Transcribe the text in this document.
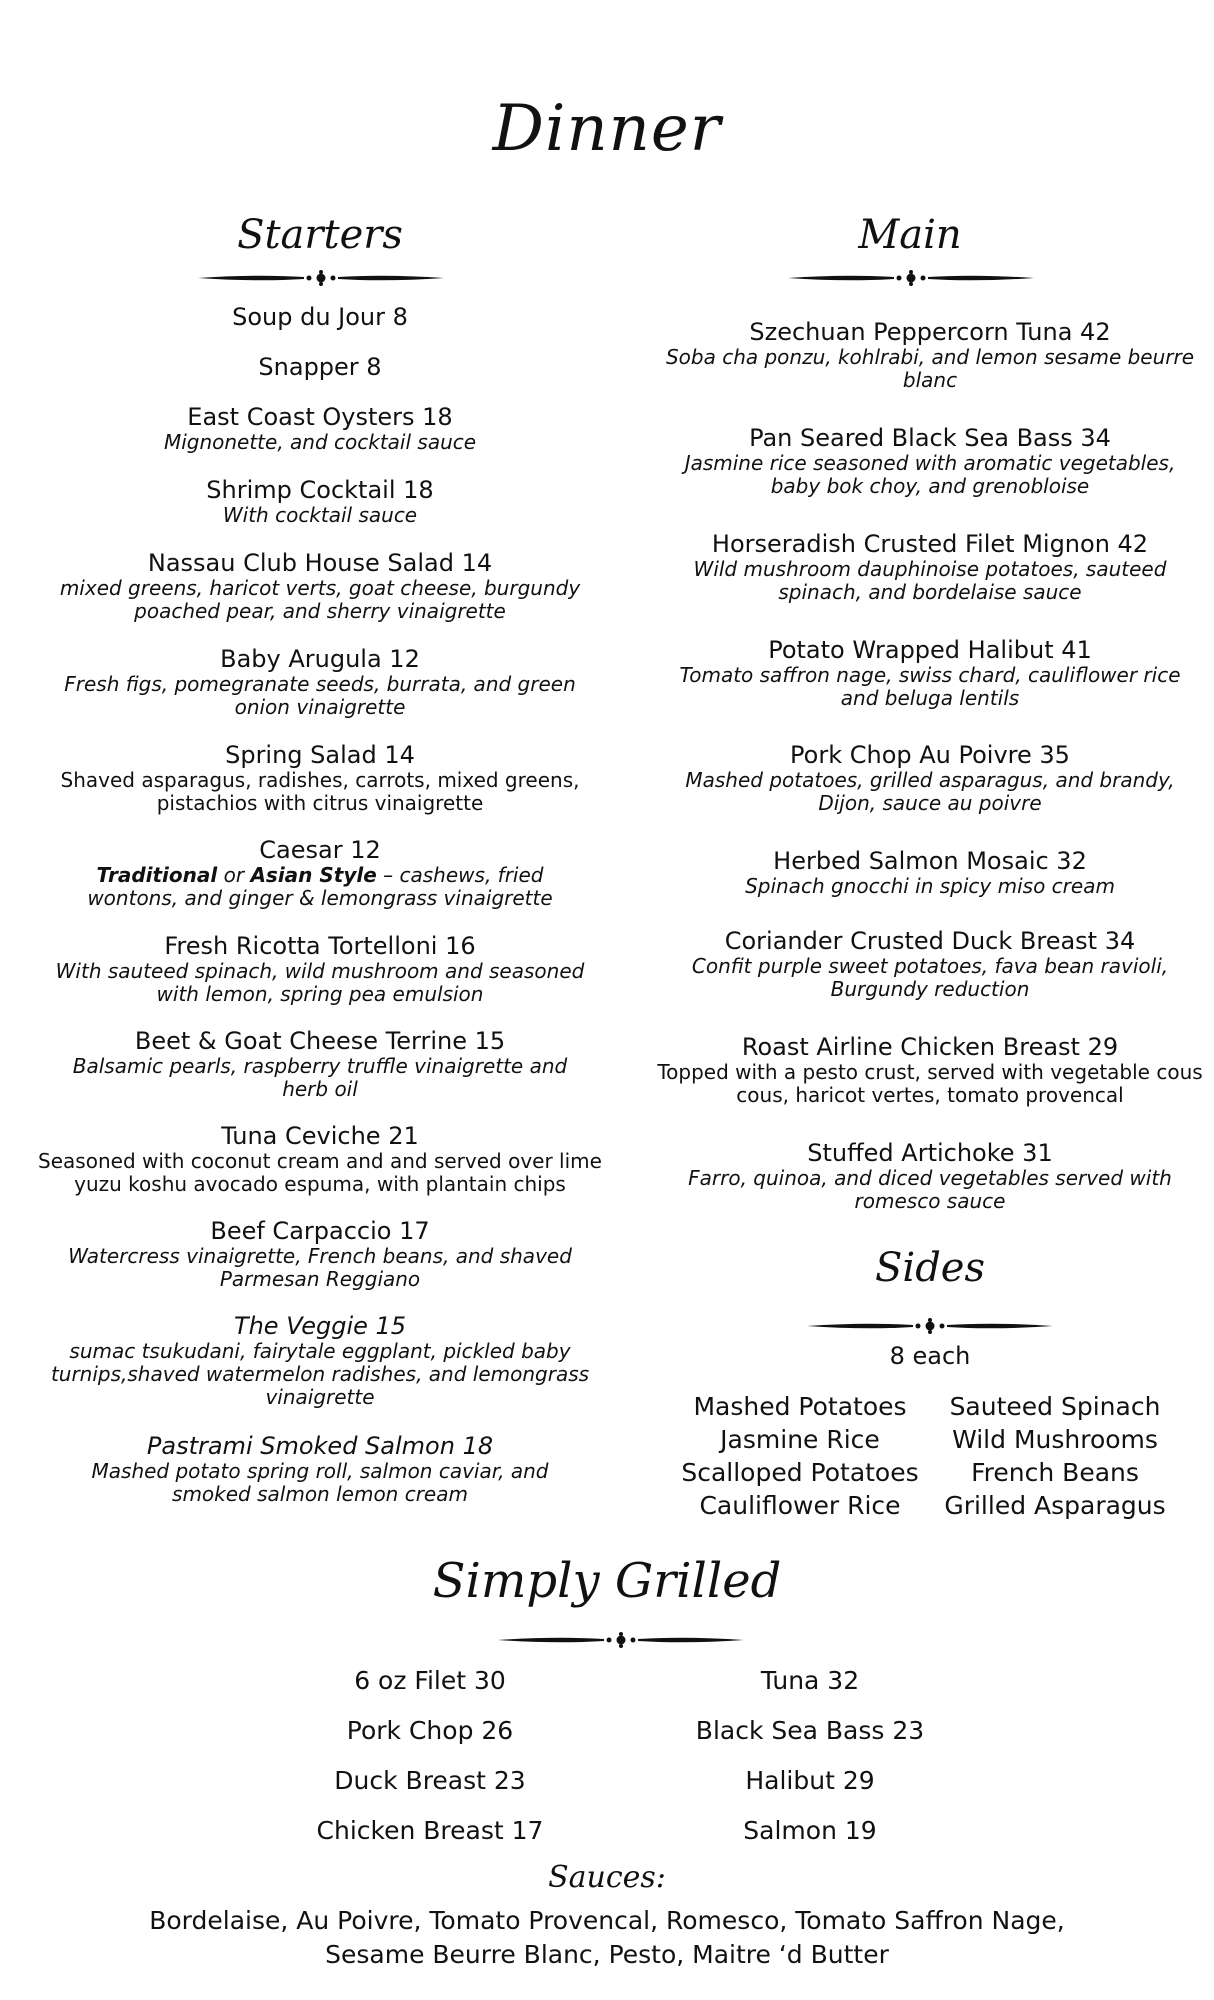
Dinner
Starters	Main
Soup du Jour 8
Snapper 8
East Coast Oysters 18
Mignonette, and cocktail sauce
Shrimp Cocktail 18
With cocktail sauce
Nassau Club House Salad 14
mixed greens, haricot verts, goat cheese, burgundy poached pear, and sherry vinaigrette
Baby Arugula 12
Fresh figs, pomegranate seeds, burrata, and green onion vinaigrette
Spring Salad 14
Shaved asparagus, radishes, carrots, mixed greens, pistachios with citrus vinaigrette
Caesar 12
Traditional or Asian Style – cashews, fried wontons, and ginger & lemongrass vinaigrette
Fresh Ricotta Tortelloni 16
With sauteed spinach, wild mushroom and seasoned with lemon, spring pea emulsion
Beet & Goat Cheese Terrine 15
Balsamic pearls, raspberry truffle vinaigrette and herb oil
Tuna Ceviche 21
Seasoned with coconut cream and and served over lime yuzu koshu avocado espuma, with plantain chips
Beef Carpaccio 17
Watercress vinaigrette, French beans, and shaved Parmesan Reggiano
The Veggie 15
sumac tsukudani, fairytale eggplant, pickled baby turnips,shaved watermelon radishes, and lemongrass vinaigrette
Pastrami Smoked Salmon 18
Mashed potato spring roll, salmon caviar, and smoked salmon lemon cream
Szechuan Peppercorn Tuna 42
Soba cha ponzu, kohlrabi, and lemon sesame beurre blanc
Pan Seared Black Sea Bass 34
Jasmine rice seasoned with aromatic vegetables, baby bok choy, and grenobloise
Horseradish Crusted Filet Mignon 42
Wild mushroom dauphinoise potatoes, sauteed spinach, and bordelaise sauce
Potato Wrapped Halibut 41
Tomato saffron nage, swiss chard, cauliflower rice and beluga lentils
Pork Chop Au Poivre 35
Mashed potatoes, grilled asparagus, and brandy, Dijon, sauce au poivre
Herbed Salmon Mosaic 32
Spinach gnocchi in spicy miso cream
Coriander Crusted Duck Breast 34
Confit purple sweet potatoes, fava bean ravioli, Burgundy reduction
Roast Airline Chicken Breast 29
Topped with a pesto crust, served with vegetable cous cous, haricot vertes, tomato provencal
Stuffed Artichoke 31
Farro, quinoa, and diced vegetables served with romesco sauce
Sides
8 each
Mashed Potatoes
Jasmine Rice
Scalloped Potatoes
Cauliflower Rice
Sauteed Spinach
Wild Mushrooms
French Beans
Grilled Asparagus
Simply Grilled
6 oz Filet 30
Pork Chop 26
Duck Breast 23
Chicken Breast 17
Tuna 32
Black Sea Bass 23
Halibut 29
Salmon 19
Sauces:
Bordelaise, Au Poivre, Tomato Provencal, Romesco, Tomato Saffron Nage,
Sesame Beurre Blanc, Pesto, Maitre ‘d Butter
